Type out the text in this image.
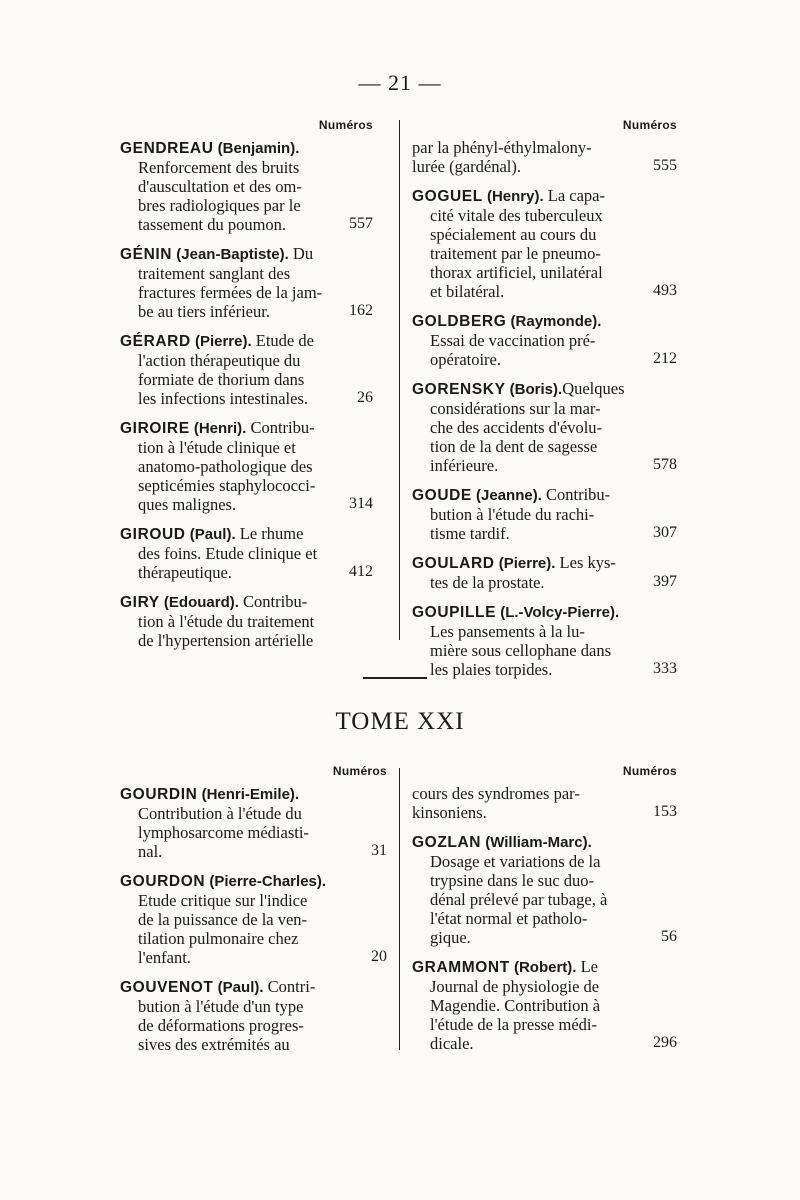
— 21 —
Numéros
GENDREAU (Benjamin).
Renforcement des bruits
d'auscultation et des om-
bres radiologiques par le
tassement du poumon.	557
GÉNIN (Jean-Baptiste). Du
traitement sanglant des
fractures fermées de la jam-
be au tiers inférieur.	162
GÉRARD (Pierre). Etude de
l'action thérapeutique du
formiate de thorium dans
les infections intestinales.	26
GIROIRE (Henri). Contribu-
tion à l'étude clinique et
anatomo-pathologique des
septicémies staphylococci-
ques malignes.	314
GIROUD (Paul). Le rhume
des foins. Etude clinique et
thérapeutique.	412
GIRY (Edouard). Contribu-
tion à l'étude du traitement
de l'hypertension artérielle
Numéros
par la phényl-éthylmalony-
lurée (gardénal).	555
GOGUEL (Henry). La capa-
cité vitale des tuberculeux
spécialement au cours du
traitement par le pneumo-
thorax artificiel, unilatéral
et bilatéral.	493
GOLDBERG (Raymonde).
Essai de vaccination pré-
opératoire.	212
GORENSKY (Boris).Quelques
considérations sur la mar-
che des accidents d'évolu-
tion de la dent de sagesse
inférieure.	578
GOUDE (Jeanne). Contribu-
bution à l'étude du rachi-
tisme tardif.	307
GOULARD (Pierre). Les kys-
tes de la prostate.	397
GOUPILLE (L.-Volcy-Pierre).
Les pansements à la lu-
mière sous cellophane dans
les plaies torpides.	333
TOME XXI
Numéros
GOURDIN (Henri-Emile).
Contribution à l'étude du
lymphosarcome médiasti-
nal.	31
GOURDON (Pierre-Charles).
Etude critique sur l'indice
de la puissance de la ven-
tilation pulmonaire chez
l'enfant.	20
GOUVENOT (Paul). Contri-
bution à l'étude d'un type
de déformations progres-
sives des extrémités au
Numéros
cours des syndromes par-
kinsoniens.	153
GOZLAN (William-Marc).
Dosage et variations de la
trypsine dans le suc duo-
dénal prélevé par tubage, à
l'état normal et patholo-
gique.	56
GRAMMONT (Robert). Le
Journal de physiologie de
Magendie. Contribution à
l'étude de la presse médi-
dicale.	296
